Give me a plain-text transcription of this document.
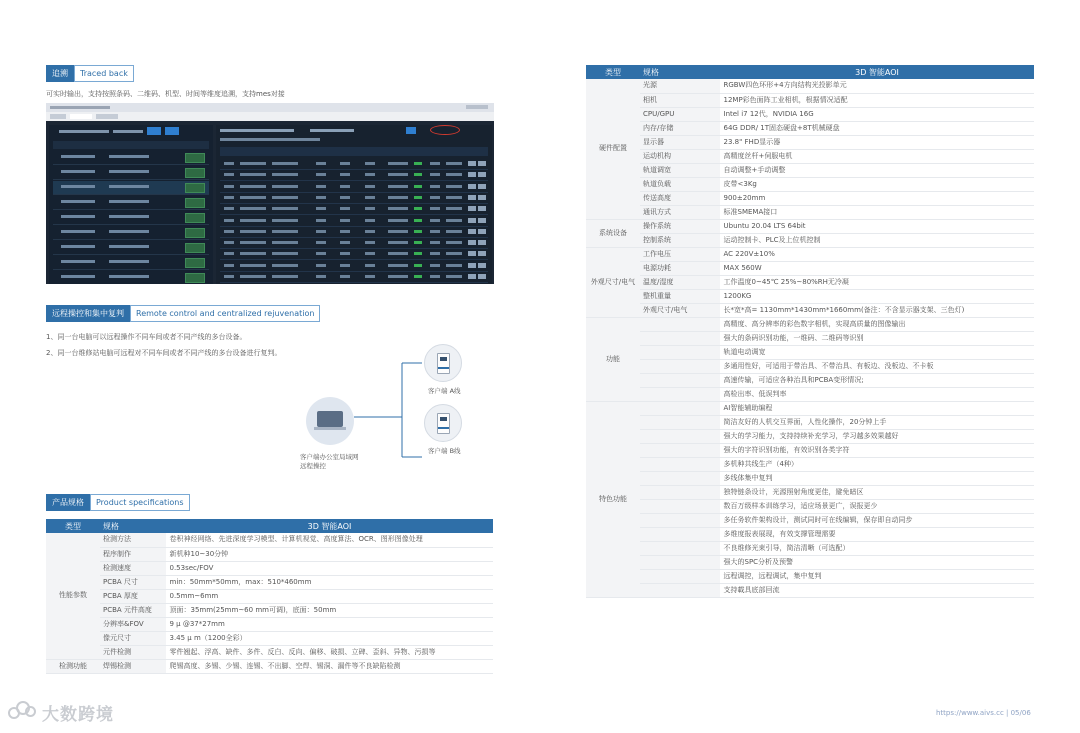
追溯	Traced back
可实时输出，支持按照条码、二维码、机型、时间等维度追溯，支持mes对接
远程操控和集中复判	Remote control and centralized rejuvenation
1、同一台电脑可以远程操作不同车间或者不同产线的多台设备。
2、同一台维修站电脑可远程对不同车间或者不同产线的多台设备进行复判。
客户端办公室局域网
远程操控
客户端 A线
客户端 B线
产品规格	Product specifications
类型	规格	3D 智能AOI
性能参数	检测方法	卷积神经网络、先进深度学习模型、计算机视觉、高度算法、OCR、图形图像处理
	程序制作	新机种10~30分钟
	检测速度	0.53sec/FOV
	PCBA 尺寸	min：50mm*50mm，max：510*460mm
	PCBA 厚度	0.5mm~6mm
	PCBA 元件高度	顶面：35mm(25mm~60 mm可调)，底面：50mm
	分辨率&FOV	9 μ @37*27mm
	像元尺寸	3.45 μ m（1200全彩）
	元件检测	零件翘起、浮高、缺件、多件、反白、反向、偏移、破损、立碑、歪斜、异物、污损等
检测功能	焊锡检测	爬锡高度、多锡、少锡、连锡、不出脚、空焊、锡洞、漏件等不良缺陷检测
类型	规格	3D 智能AOI
硬件配置	光源	RGBW四色环形+4方向结构光投影单元
	相机	12MP彩色面阵工业相机，根据情况适配
	CPU/GPU	Intel i7 12代，NVIDIA 16G
	内存/存储	64G DDR/ 1T固态硬盘+8T机械硬盘
	显示器	23.8" FHD显示器
	运动机构	高精度丝杆+伺服电机
	轨道调宽	自动调整+手动调整
	轨道负载	皮带<3Kg
	传送高度	900±20mm
	通讯方式	标准SMEMA接口
系统设备	操作系统	Ubuntu 20.04 LTS 64bit
	控制系统	运动控制卡、PLC及上位机控制
外观尺寸/电气	工作电压	AC 220V±10%
	电源功耗	MAX 560W
	温度/湿度	工作温度0~45℃ 25%~80%RH无冷凝
	整机重量	1200KG
	外观尺寸/电气	长*宽*高= 1130mm*1430mm*1660mm(备注：不含显示器支架、三色灯)
功能		高精度、高分辨率的彩色数字相机，实现高质量的图像输出
		强大的条码识别功能，一维码、二维码等识别
		轨道电动调宽
		多通用性好，可适用于带治具、不带治具、有板边、没板边、不卡板
		高速传输，可适应各种治具和PCBA变形情况;
		高检出率、低误判率
特色功能		AI智能辅助编程
		简洁友好的人机交互界面，人性化操作，20分钟上手
		强大的学习能力，支持持续补充学习，学习越多效果越好
		强大的字符识别功能，有效识别各类字符
		多机种共线生产（4种）
		多线体集中复判
		独特链条设计，光源照射角度更佳，避免暗区
		数百万级样本训练学习，适应场景更广，误报更少
		多任务软件架构设计，测试同时可在线编辑，保存即自动同步
		多维度报表展现，有效支撑管理需要
		不良维修光束引导，简洁清晰（可选配）
		强大的SPC分析及预警
		远程调控，远程调试，集中复判
		支持載具底部回流
https://www.aivs.cc | 05/06
大数跨境
